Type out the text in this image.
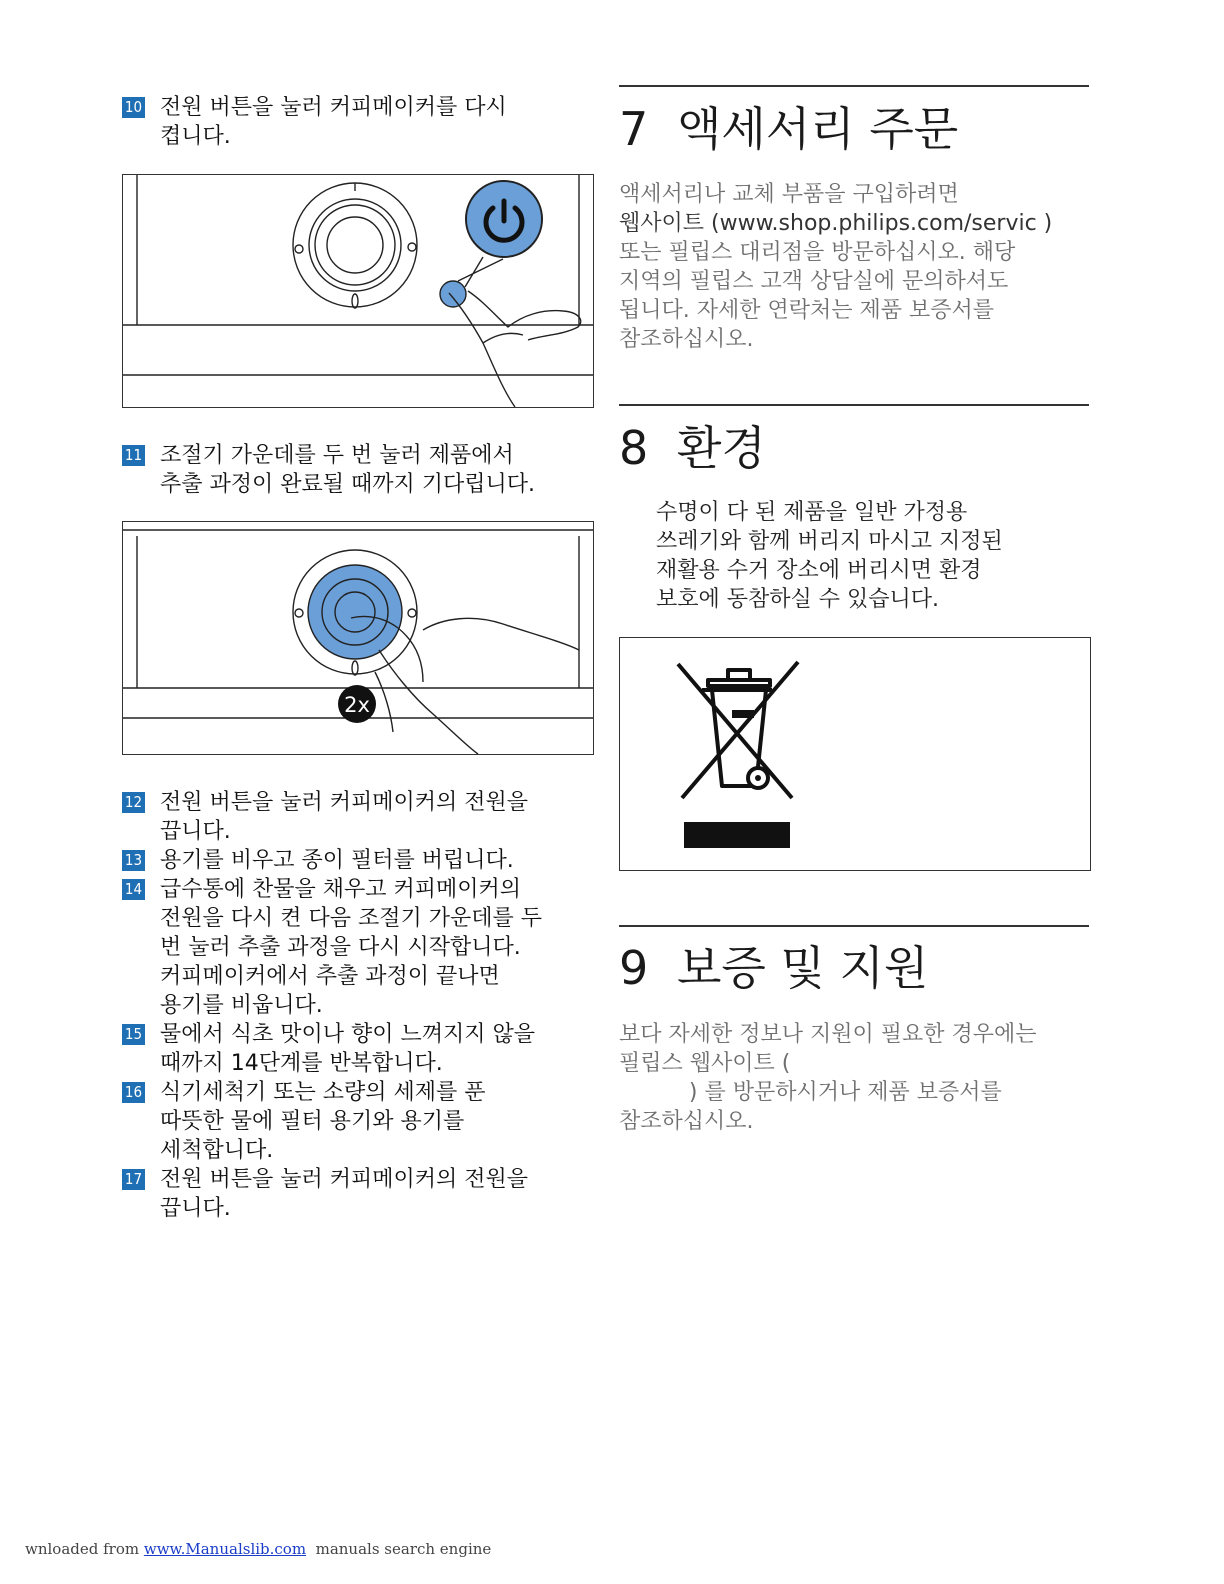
10 전원 버튼을 눌러 커피메이커를 다시
켭니다.
11 조절기 가운데를 두 번 눌러 제품에서
추출 과정이 완료될 때까지 기다립니다.
2x
12 전원 버튼을 눌러 커피메이커의 전원을
끕니다.
13 용기를 비우고 종이 필터를 버립니다.
14 급수통에 찬물을 채우고 커피메이커의
전원을 다시 켠 다음 조절기 가운데를 두
번 눌러 추출 과정을 다시 시작합니다.
커피메이커에서 추출 과정이 끝나면
용기를 비웁니다.
15 물에서 식초 맛이나 향이 느껴지지 않을
때까지 14단계를 반복합니다.
16 식기세척기 또는 소량의 세제를 푼
따뜻한 물에 필터 용기와 용기를
세척합니다.
17 전원 버튼을 눌러 커피메이커의 전원을
끕니다.
7 액세서리 주문
액세서리나 교체 부품을 구입하려면
웹사이트 (www.shop.philips.com/servic )
또는 필립스 대리점을 방문하십시오. 해당
지역의 필립스 고객 상담실에 문의하셔도
됩니다. 자세한 연락처는 제품 보증서를
참조하십시오.
8 환경
수명이 다 된 제품을 일반 가정용
쓰레기와 함께 버리지 마시고 지정된
재활용 수거 장소에 버리시면 환경
보호에 동참하실 수 있습니다.
9 보증 및 지원
보다 자세한 정보나 지원이 필요한 경우에는
필립스 웹사이트 (
) 를 방문하시거나 제품 보증서를
참조하십시오.
wnloaded from www.Manualslib.com  manuals search engine
